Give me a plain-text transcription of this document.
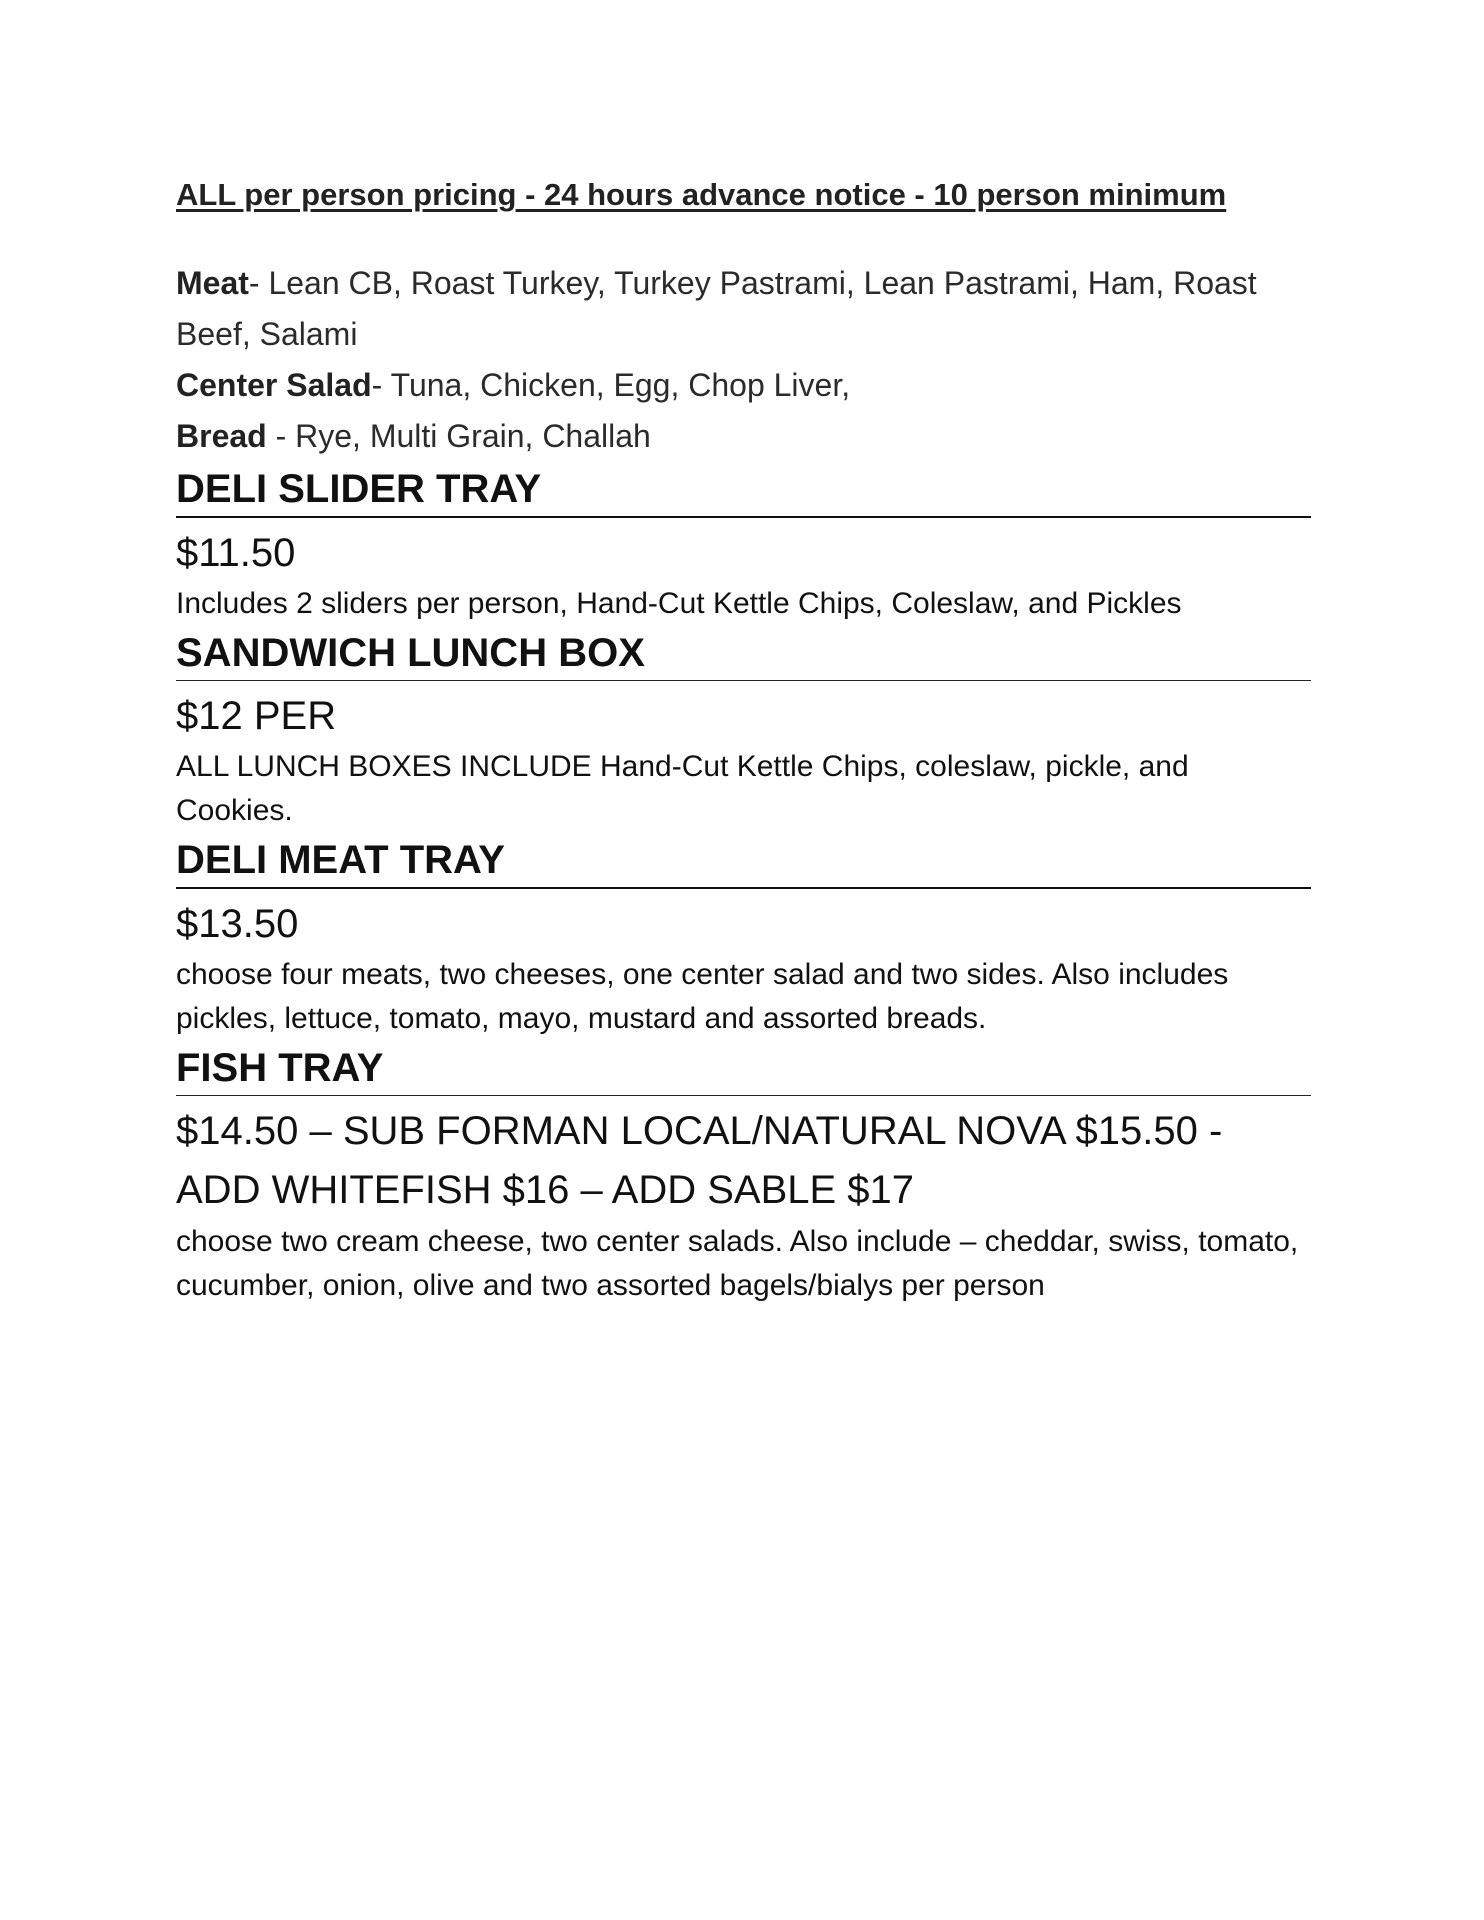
ALL per person pricing - 24 hours advance notice - 10 person minimum

Meat- Lean CB, Roast Turkey, Turkey Pastrami, Lean Pastrami, Ham, Roast Beef, Salami

Center Salad- Tuna, Chicken, Egg, Chop Liver,

Bread - Rye, Multi Grain, Challah

DELI SLIDER TRAY

$11.50

Includes 2 sliders per person, Hand-Cut Kettle Chips, Coleslaw, and Pickles

SANDWICH LUNCH BOX

$12 PER

ALL LUNCH BOXES INCLUDE Hand-Cut Kettle Chips, coleslaw, pickle, and Cookies.

DELI MEAT TRAY

$13.50

choose four meats, two cheeses, one center salad and two sides. Also includes pickles, lettuce, tomato, mayo, mustard and assorted breads.

FISH TRAY

$14.50 – SUB FORMAN LOCAL/NATURAL NOVA $15.50 - ADD WHITEFISH $16 – ADD SABLE $17

choose two cream cheese, two center salads. Also include – cheddar, swiss, tomato, cucumber, onion, olive and two assorted bagels/bialys per person
